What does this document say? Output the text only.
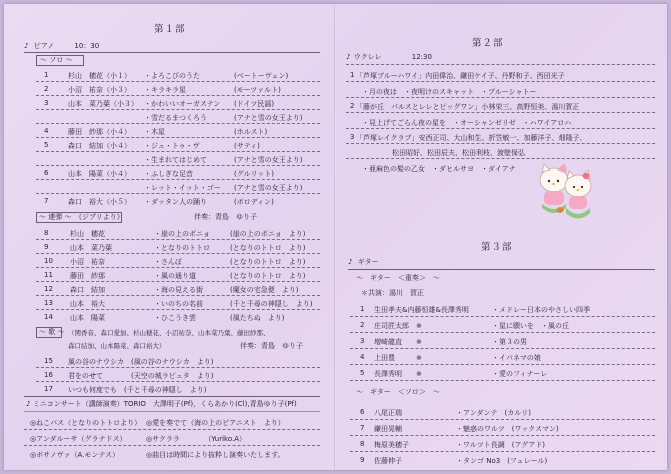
第１部
♪ ピアノ	10：30
〜 ソロ 〜
1	杉山　穂花（小１） ・よろこびのうた	(ベートーヴェン)
2	小沼　祐奈（小３） ・キラキラ星	(モーツァルト)
3	山本　菜乃葉（小３） ・かわいいオーガステン (ドイツ民謡)
・雪だるまつくろう	(アナと雪の女王より)
4	藤田　紗那（小４） ・木星	(ホルスト)
5	森口　結加（小４） ・ジュ・トゥ・ヴ	(サティ)
・生まれてはじめて	(アナと雪の女王より)
6	山本　陽菜（小４） ・ふしぎな足音	(グルリット)
・レット・イット・ゴー (アナと雪の女王より)
7	森口　裕大（小５） ・ダッタン人の踊り	(ボロディン)
〜 連弾 〜　《ジブリより》	伴奏：青島　ゆり子
8	杉山　穂花	・崖の上のポニョ	(崖の上のポニョ　より)
9	山本　菜乃葉	・となりのトトロ	(となりのトトロ　より)
10 小沼　祐奈	・さんぽ	(となりのトトロ　より)
11 藤田　紗那	・風の通り道	(となりのトトロ　より)
12 森口　結加	・海の見える街	(魔女の宅急便　より)
13 山本　裕大	・いのちの名前	(千と千尋の神隠し　より)
14 山本　陽菜	・ひこうき雲	(風たちぬ　より)
〜 歌 〜 （関香音、森口愛加、杉山穂花、小沼祐奈、山本菜乃葉、藤田紗那、
森口結加、山本陽菜、森口裕大）	伴奏：青島　ゆり子
15 風の谷のナウシカ　(風の谷のナウシカ　より)
16 君をのせて　　　　(天空の城ラピュタ　より)
17 いつも何度でも　(千と千尋の神隠し　より)
♪ ミニコンサート（講師演奏）TORIO　大澤明子(Pf)，くらあかり(Cl),青島ゆり子(Pf)
◎ねこバス（となりのトトロより） ◎愛を奏でて（海の上のピアニスト　より）
◎アンダルーサ（グラナドス）	◎サクララ　　　　（Yuriko.A）
◎ボサノヴァ（A.モンテス）	◎曲目は時間により抜粋し演奏いたします。
第２部
♪ ウクレレ	12:30
1 「芦塚ブルーハワイ」内田偉治、鎌田ケイ子、丹野和子、西田光子
・月の夜は　・夜明けのスキャット　・ブルーシャトー
2 「藤が丘　パルスとレレとピッグワン」小林栄三、高野恒美、湯川賀正
・見上げてごらん夜の星を　・オーシャンゼリゼ　・ハワイアロハ
3 「芦塚レイクラブ」安西正司、大山和生、折笠敏一、加藤洋子、畑隆子、
松田昭好、松田辰夫、松田利枝、渡壁保弘
・亜麻色の髪の乙女　・ダヒルサヨ　・ダイアナ
第３部
♪ ギター
〜　ギター　＜重奏＞　〜
＊共演：湯川　賀正
1 生田孝夫&内藤恒雄&長澤秀明	・メドレー日本のやさしい四季
2 庄司匠太郎　※	・星に願いを　・風の丘
3 増崎龍直　　※	・第３の男
4 上田豊　　　※	・イパネマの娘
5 長澤秀明　　※	・愛のフィナーレ
〜　ギター　＜ソロ＞　〜
6 八尾正瑞	・アンダンテ　(カルリ)
7 鎌田晃輔	・魅惑のワルツ　(ワックスマン)
8 梅原美穂子	・ワルツト長調　(アグアド)
9 佐藤伸子	・タンゴ No3　(フェレール)
